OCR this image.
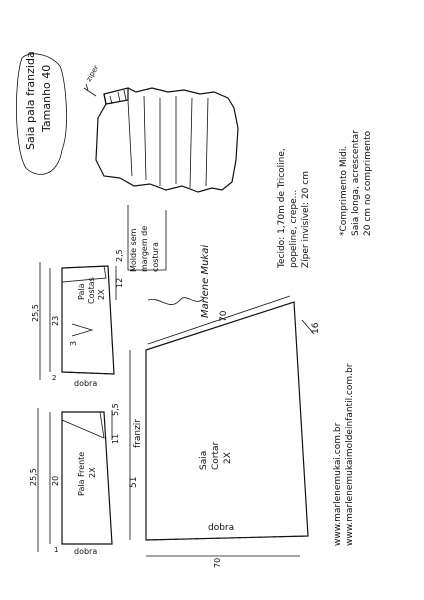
Saia pala franzida Tamanho 40	ziper
Tecido: 1,70m de Tricoline, popeline, crepe... Zíper invisível: 20 cm	*Comprimento Midi. Saia longa, acrescentar 20 cm no comprimento
Molde sem margem de costura	Marlene Mukai
Pala Costas 2X
2,5
12
3
23
25,5
2
dobra
Pala Frente 2X
5,5
11
20
25,5
1 dobra
Saia Cortar 2X
franzir
51
70
16
70
dobra	www.marlenemukai.com.br www.marlenemukaimoldeinfantil.com.br
